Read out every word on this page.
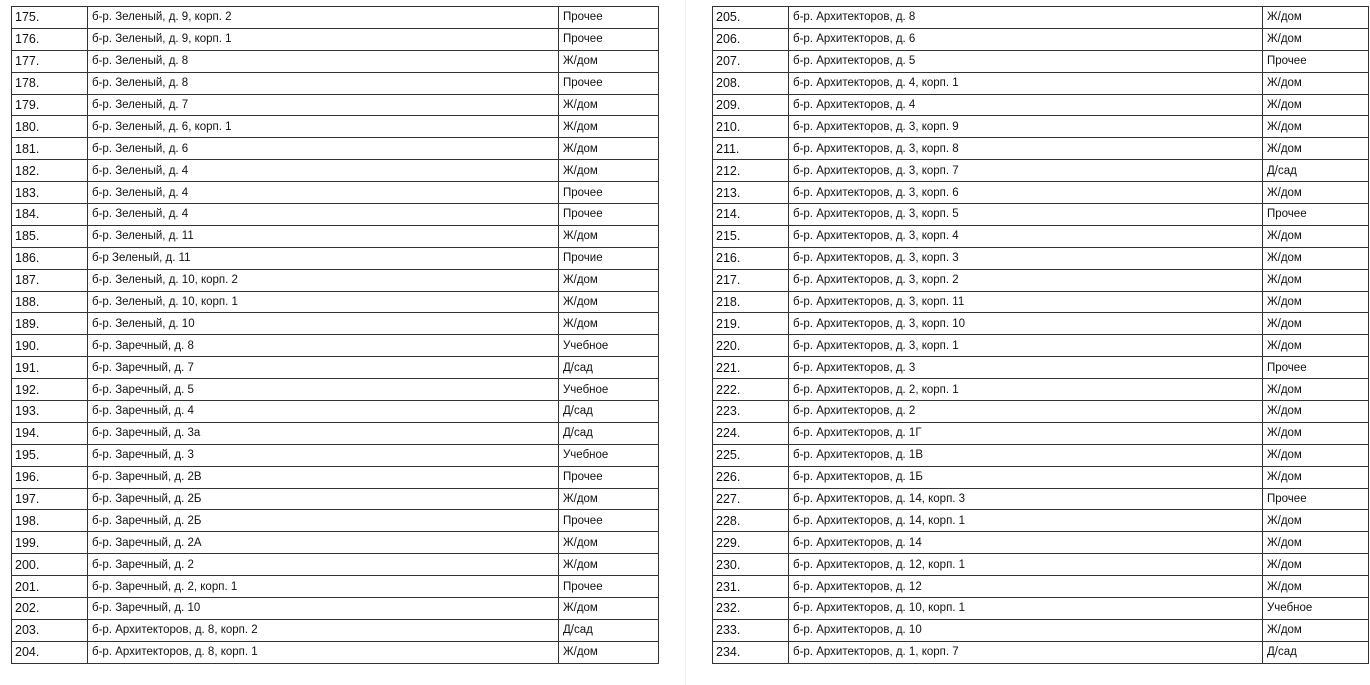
175.	б-р. Зеленый, д. 9, корп. 2	Прочее
176.	б-р. Зеленый, д. 9, корп. 1	Прочее
177.	б-р. Зеленый, д. 8	Ж/дом
178.	б-р. Зеленый, д. 8	Прочее
179.	б-р. Зеленый, д. 7	Ж/дом
180.	б-р. Зеленый, д. 6, корп. 1	Ж/дом
181.	б-р. Зеленый, д. 6	Ж/дом
182.	б-р. Зеленый, д. 4	Ж/дом
183.	б-р. Зеленый, д. 4	Прочее
184.	б-р. Зеленый, д. 4	Прочее
185.	б-р. Зеленый, д. 11	Ж/дом
186.	б-р Зеленый, д. 11	Прочие
187.	б-р. Зеленый, д. 10, корп. 2	Ж/дом
188.	б-р. Зеленый, д. 10, корп. 1	Ж/дом
189.	б-р. Зеленый, д. 10	Ж/дом
190.	б-р. Заречный, д. 8	Учебное
191.	б-р. Заречный, д. 7	Д/сад
192.	б-р. Заречный, д. 5	Учебное
193.	б-р. Заречный, д. 4	Д/сад
194.	б-р. Заречный, д. 3а	Д/сад
195.	б-р. Заречный, д. 3	Учебное
196.	б-р. Заречный, д. 2В	Прочее
197.	б-р. Заречный, д. 2Б	Ж/дом
198.	б-р. Заречный, д. 2Б	Прочее
199.	б-р. Заречный, д. 2А	Ж/дом
200.	б-р. Заречный, д. 2	Ж/дом
201.	б-р. Заречный, д. 2, корп. 1	Прочее
202.	б-р. Заречный, д. 10	Ж/дом
203.	б-р. Архитекторов, д. 8, корп. 2	Д/сад
204.	б-р. Архитекторов, д. 8, корп. 1	Ж/дом
205.	б-р. Архитекторов, д. 8	Ж/дом
206.	б-р. Архитекторов, д. 6	Ж/дом
207.	б-р. Архитекторов, д. 5	Прочее
208.	б-р. Архитекторов, д. 4, корп. 1	Ж/дом
209.	б-р. Архитекторов, д. 4	Ж/дом
210.	б-р. Архитекторов, д. 3, корп. 9	Ж/дом
211.	б-р. Архитекторов, д. 3, корп. 8	Ж/дом
212.	б-р. Архитекторов, д. 3, корп. 7	Д/сад
213.	б-р. Архитекторов, д. 3, корп. 6	Ж/дом
214.	б-р. Архитекторов, д. 3, корп. 5	Прочее
215.	б-р. Архитекторов, д. 3, корп. 4	Ж/дом
216.	б-р. Архитекторов, д. 3, корп. 3	Ж/дом
217.	б-р. Архитекторов, д. 3, корп. 2	Ж/дом
218.	б-р. Архитекторов, д. 3, корп. 11	Ж/дом
219.	б-р. Архитекторов, д. 3, корп. 10	Ж/дом
220.	б-р. Архитекторов, д. 3, корп. 1	Ж/дом
221.	б-р. Архитекторов, д. 3	Прочее
222.	б-р. Архитекторов, д. 2, корп. 1	Ж/дом
223.	б-р. Архитекторов, д. 2	Ж/дом
224.	б-р. Архитекторов, д. 1Г	Ж/дом
225.	б-р. Архитекторов, д. 1В	Ж/дом
226.	б-р. Архитекторов, д. 1Б	Ж/дом
227.	б-р. Архитекторов, д. 14, корп. 3	Прочее
228.	б-р. Архитекторов, д. 14, корп. 1	Ж/дом
229.	б-р. Архитекторов, д. 14	Ж/дом
230.	б-р. Архитекторов, д. 12, корп. 1	Ж/дом
231.	б-р. Архитекторов, д. 12	Ж/дом
232.	б-р. Архитекторов, д. 10, корп. 1	Учебное
233.	б-р. Архитекторов, д. 10	Ж/дом
234.	б-р. Архитекторов, д. 1, корп. 7	Д/сад
